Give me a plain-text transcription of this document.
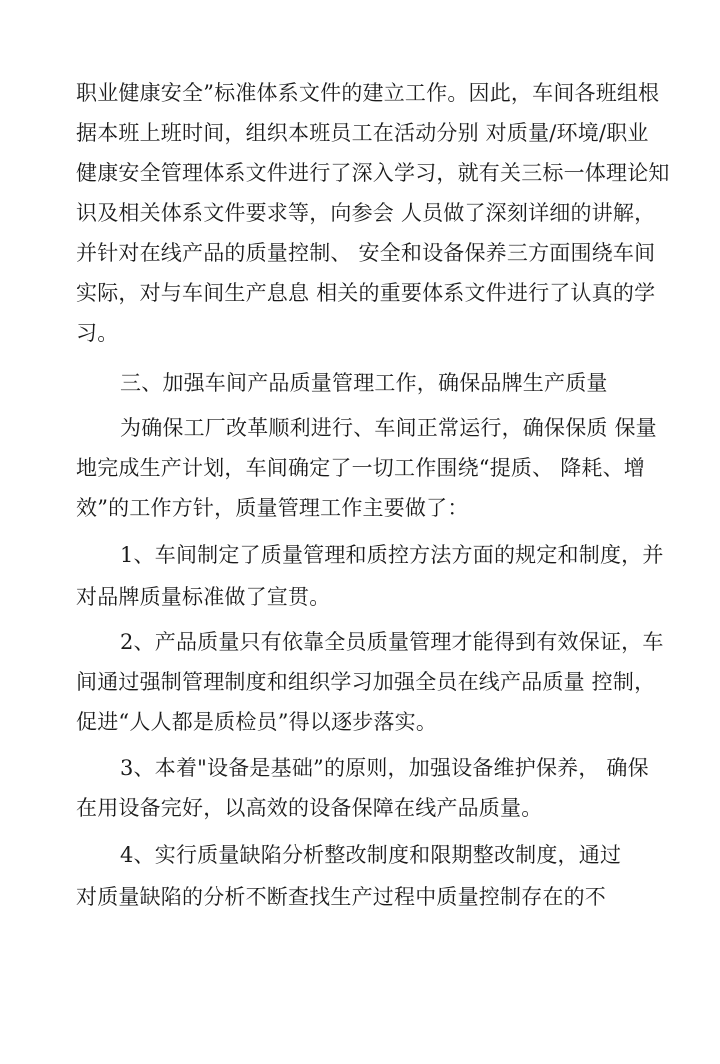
职业健康安全”标准体系文件的建立工作。因此，车间各班组根
据本班上班时间，组织本班员工在活动分别 对质量/环境/职业
健康安全管理体系文件进行了深入学习，就有关三标一体理论知
识及相关体系文件要求等，向参会 人员做了深刻详细的讲解，
并针对在线产品的质量控制、 安全和设备保养三方面围绕车间
实际，对与车间生产息息 相关的重要体系文件进行了认真的学
习。
三、加强车间产品质量管理工作，确保品牌生产质量
为确保工厂改革顺利进行、车间正常运行，确保保质 保量
地完成生产计划，车间确定了一切工作围绕“提质、 降耗、增
效”的工作方针，质量管理工作主要做了：
1、车间制定了质量管理和质控方法方面的规定和制度，并
对品牌质量标准做了宣贯。
2、产品质量只有依靠全员质量管理才能得到有效保证，车
间通过强制管理制度和组织学习加强全员在线产品质量 控制，
促进“人人都是质检员”得以逐步落实。
3、本着"设备是基础”的原则，加强设备维护保养， 确保
在用设备完好，以高效的设备保障在线产品质量。
4、实行质量缺陷分析整改制度和限期整改制度，通过
对质量缺陷的分析不断查找生产过程中质量控制存在的不
